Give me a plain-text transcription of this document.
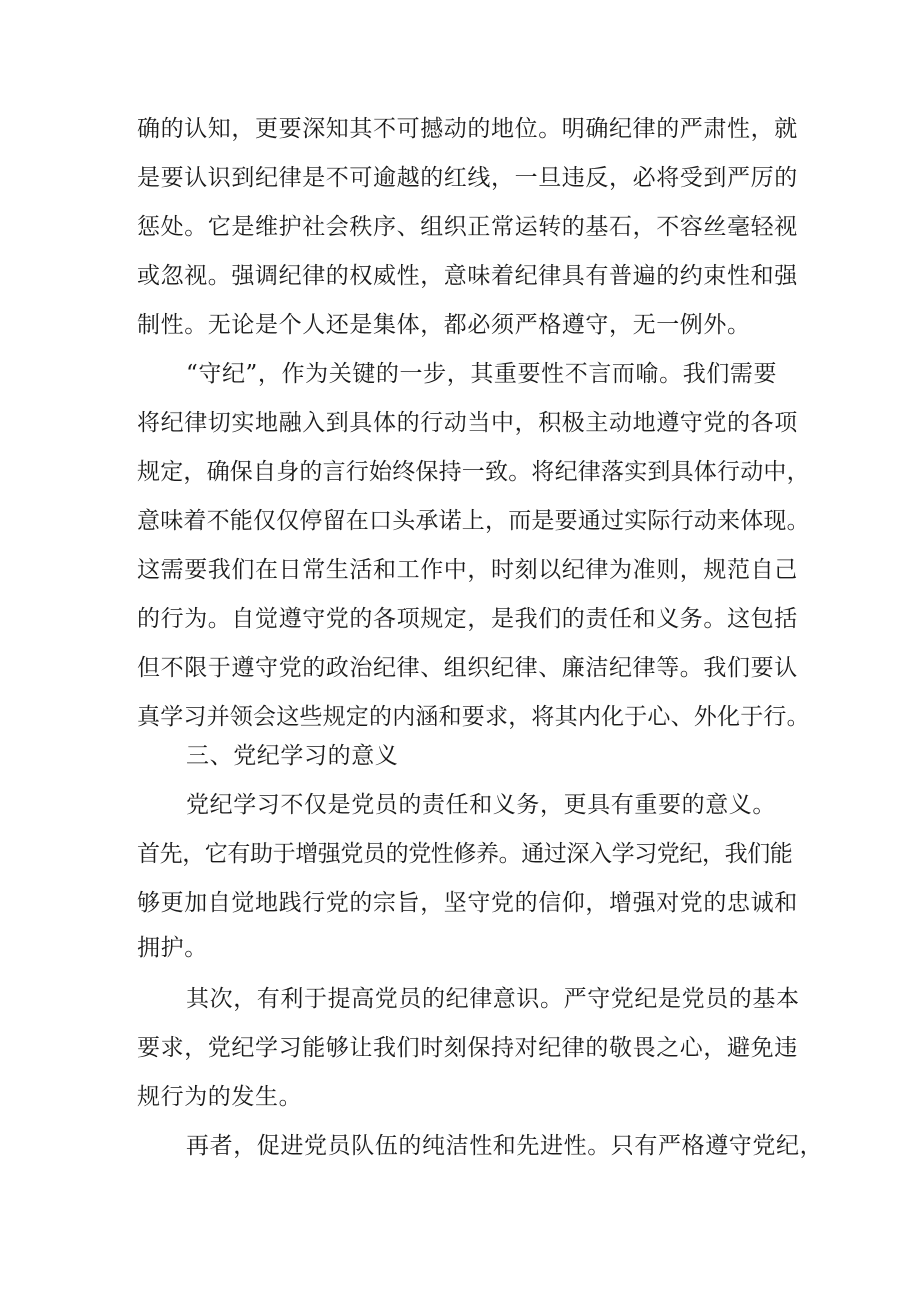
确的认知，更要深知其不可撼动的地位。明确纪律的严肃性，就
是要认识到纪律是不可逾越的红线，一旦违反，必将受到严厉的
惩处。它是维护社会秩序、组织正常运转的基石，不容丝毫轻视
或忽视。强调纪律的权威性，意味着纪律具有普遍的约束性和强
制性。无论是个人还是集体，都必须严格遵守，无一例外。
“守纪”，作为关键的一步，其重要性不言而喻。我们需要
将纪律切实地融入到具体的行动当中，积极主动地遵守党的各项
规定，确保自身的言行始终保持一致。将纪律落实到具体行动中，
意味着不能仅仅停留在口头承诺上，而是要通过实际行动来体现。
这需要我们在日常生活和工作中，时刻以纪律为准则，规范自己
的行为。自觉遵守党的各项规定，是我们的责任和义务。这包括
但不限于遵守党的政治纪律、组织纪律、廉洁纪律等。我们要认
真学习并领会这些规定的内涵和要求，将其内化于心、外化于行。
三、党纪学习的意义
党纪学习不仅是党员的责任和义务，更具有重要的意义。
首先，它有助于增强党员的党性修养。通过深入学习党纪，我们能
够更加自觉地践行党的宗旨，坚守党的信仰，增强对党的忠诚和
拥护。
其次，有利于提高党员的纪律意识。严守党纪是党员的基本
要求，党纪学习能够让我们时刻保持对纪律的敬畏之心，避免违
规行为的发生。
再者，促进党员队伍的纯洁性和先进性。只有严格遵守党纪，
